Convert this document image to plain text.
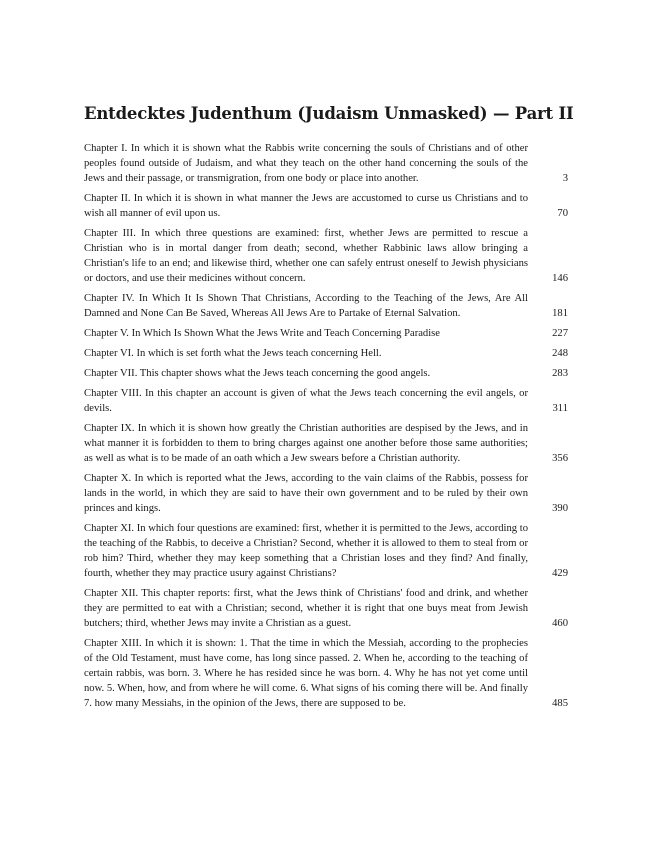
Entdecktes Judenthum (Judaism Unmasked) — Part II
Chapter I. In which it is shown what the Rabbis write concerning the souls of Christians and of other peoples found outside of Judaism, and what they teach on the other hand concerning the souls of the Jews and their passage, or transmigration, from one body or place into another.	3
Chapter II. In which it is shown in what manner the Jews are accustomed to curse us Christians and to wish all manner of evil upon us.	70
Chapter III. In which three questions are examined: first, whether Jews are permitted to rescue a Christian who is in mortal danger from death; second, whether Rabbinic laws allow bringing a Christian's life to an end; and likewise third, whether one can safely entrust oneself to Jewish physicians or doctors, and use their medicines without concern.	146
Chapter IV. In Which It Is Shown That Christians, According to the Teaching of the Jews, Are All Damned and None Can Be Saved, Whereas All Jews Are to Partake of Eternal Salvation.	181
Chapter V. In Which Is Shown What the Jews Write and Teach Concerning Paradise	227
Chapter VI. In which is set forth what the Jews teach concerning Hell.	248
Chapter VII. This chapter shows what the Jews teach concerning the good angels.	283
Chapter VIII. In this chapter an account is given of what the Jews teach concerning the evil angels, or devils.	311
Chapter IX. In which it is shown how greatly the Christian authorities are despised by the Jews, and in what manner it is forbidden to them to bring charges against one another before those same authorities; as well as what is to be made of an oath which a Jew swears before a Christian authority.	356
Chapter X. In which is reported what the Jews, according to the vain claims of the Rabbis, possess for lands in the world, in which they are said to have their own government and to be ruled by their own princes and kings.	390
Chapter XI. In which four questions are examined: first, whether it is permitted to the Jews, according to the teaching of the Rabbis, to deceive a Christian? Second, whether it is allowed to them to steal from or rob him? Third, whether they may keep something that a Christian loses and they find? And finally, fourth, whether they may practice usury against Christians?	429
Chapter XII. This chapter reports: first, what the Jews think of Christians' food and drink, and whether they are permitted to eat with a Christian; second, whether it is right that one buys meat from Jewish butchers; third, whether Jews may invite a Christian as a guest.	460
Chapter XIII. In which it is shown: 1. That the time in which the Messiah, according to the prophecies of the Old Testament, must have come, has long since passed. 2. When he, according to the teaching of certain rabbis, was born. 3. Where he has resided since he was born. 4. Why he has not yet come until now. 5. When, how, and from where he will come. 6. What signs of his coming there will be. And finally 7. how many Messiahs, in the opinion of the Jews, there are supposed to be.	485
